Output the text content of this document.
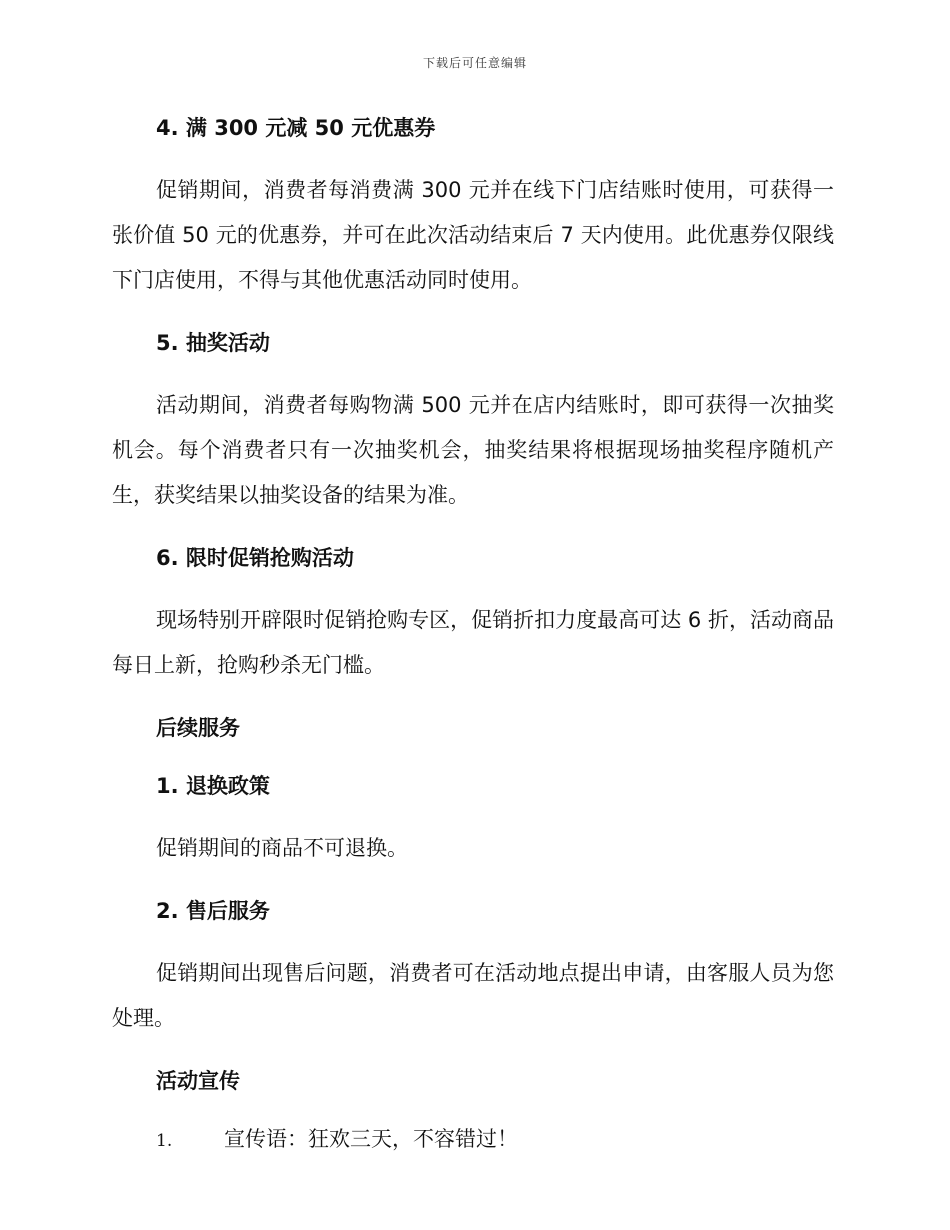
下载后可任意编辑
4. 满 300 元减 50 元优惠券

促销期间，消费者每消费满 300 元并在线下门店结账时使用，可获得一张价值 50 元的优惠券，并可在此次活动结束后 7 天内使用。此优惠券仅限线下门店使用，不得与其他优惠活动同时使用。

5. 抽奖活动

活动期间，消费者每购物满 500 元并在店内结账时，即可获得一次抽奖机会。每个消费者只有一次抽奖机会，抽奖结果将根据现场抽奖程序随机产生，获奖结果以抽奖设备的结果为准。

6. 限时促销抢购活动

现场特别开辟限时促销抢购专区，促销折扣力度最高可达 6 折，活动商品每日上新，抢购秒杀无门槛。

后续服务
1. 退换政策

促销期间的商品不可退换。

2. 售后服务

促销期间出现售后问题，消费者可在活动地点提出申请，由客服人员为您处理。

活动宣传
1.	宣传语：狂欢三天，不容错过！
